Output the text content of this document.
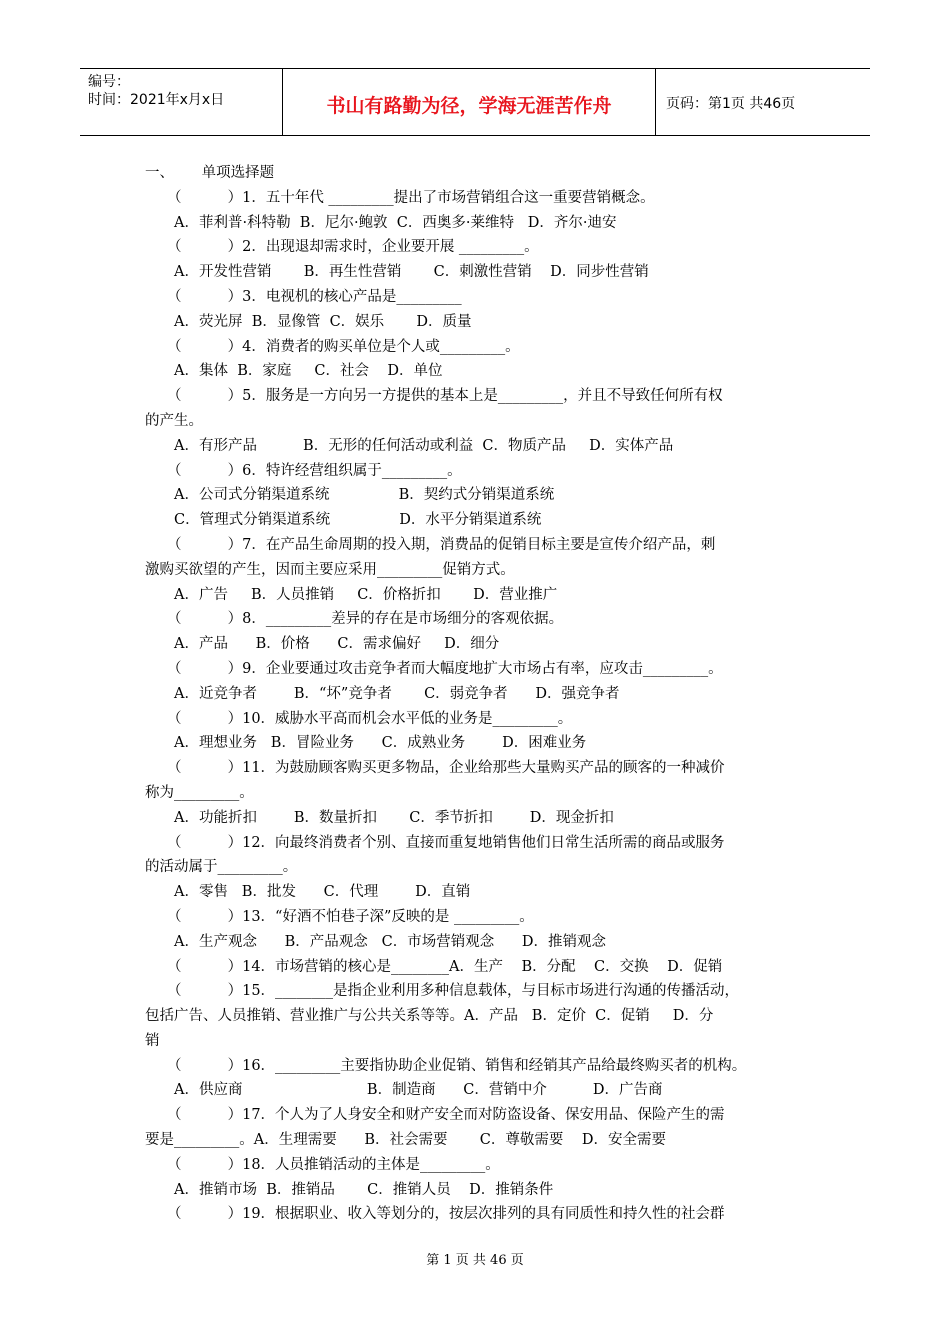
编号：
时间：2021年x月x日	书山有路勤为径，学海无涯苦作舟	页码：第1页 共46页
一、      单项选择题
（          ）1．五十年代 _________提出了市场营销组合这一重要营销概念。
A．菲利普·科特勒  B．尼尔·鲍敦  C．西奥多·莱维特   D．齐尔·迪安
（          ）2．出现退却需求时，企业要开展 _________。
A．开发性营销       B．再生性营销       C．刺激性营销    D．同步性营销
（          ）3．电视机的核心产品是_________
A．荧光屏  B．显像管  C．娱乐       D．质量
（          ）4．消费者的购买单位是个人或_________。
A．集体  B．家庭     C．社会    D．单位
（          ）5．服务是一方向另一方提供的基本上是_________，并且不导致任何所有权
的产生。
A．有形产品          B．无形的任何活动或利益  C．物质产品     D．实体产品
（          ）6．特许经营组织属于_________。
A．公司式分销渠道系统               B．契约式分销渠道系统
C．管理式分销渠道系统               D．水平分销渠道系统
（          ）7．在产品生命周期的投入期，消费品的促销目标主要是宣传介绍产品，刺
激购买欲望的产生，因而主要应采用_________促销方式。
A．广告     B．人员推销     C．价格折扣       D．营业推广
（          ）8．_________差异的存在是市场细分的客观依据。
A．产品      B．价格      C．需求偏好     D．细分
（          ）9．企业要通过攻击竞争者而大幅度地扩大市场占有率，应攻击_________。
A．近竞争者        B．“坏”竞争者       C．弱竞争者      D．强竞争者
（          ）10．威胁水平高而机会水平低的业务是_________。
A．理想业务   B．冒险业务      C．成熟业务        D．困难业务
（          ）11．为鼓励顾客购买更多物品，企业给那些大量购买产品的顾客的一种减价
称为_________。
A．功能折扣        B．数量折扣       C．季节折扣        D．现金折扣
（          ）12．向最终消费者个别、直接而重复地销售他们日常生活所需的商品或服务
的活动属于_________。
A．零售   B．批发      C．代理        D．直销
（          ）13．“好酒不怕巷子深”反映的是 _________。
A．生产观念      B．产品观念   C．市场营销观念      D．推销观念
（          ）14．市场营销的核心是________A．生产    B．分配    C．交换    D．促销
（          ）15．________是指企业利用多种信息载体，与目标市场进行沟通的传播活动，
包括广告、人员推销、营业推广与公共关系等等。A．产品   B．定价  C．促销     D．分
销
（          ）16．_________主要指协助企业促销、销售和经销其产品给最终购买者的机构。
A．供应商                           B．制造商      C．营销中介          D．广告商
（          ）17．个人为了人身安全和财产安全而对防盗设备、保安用品、保险产生的需
要是_________。A．生理需要      B．社会需要       C．尊敬需要    D．安全需要
（          ）18．人员推销活动的主体是_________。
A．推销市场  B．推销品       C．推销人员    D．推销条件
（          ）19．根据职业、收入等划分的，按层次排列的具有同质性和持久性的社会群
第 1 页 共 46 页
